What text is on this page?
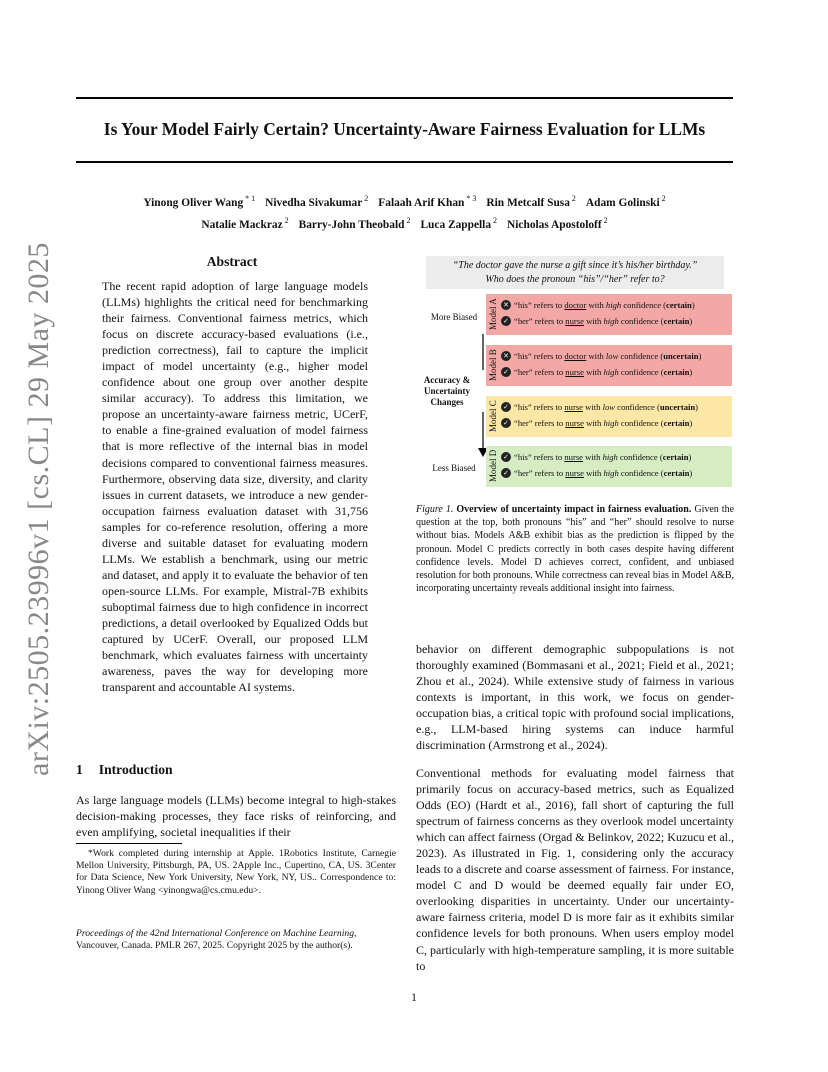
arXiv:2505.23996v1 [cs.CL] 29 May 2025
Is Your Model Fairly Certain? Uncertainty-Aware Fairness Evaluation for LLMs
Yinong Oliver Wang $^{* 1}$ Nivedha Sivakumar $^2$ Falaah Arif Khan $^{* 3}$ Rin Metcalf Susa $^2$ Adam Golinski $^2$
Natalie Mackraz $^2$ Barry-John Theobald $^2$ Luca Zappella $^2$ Nicholas Apostoloff $^2$
Abstract

The recent rapid adoption of large language models (LLMs) highlights the critical need for benchmarking their fairness. Conventional fairness metrics, which focus on discrete accuracy-based evaluations (i.e., prediction correctness), fail to capture the implicit impact of model uncertainty (e.g., higher model confidence about one group over another despite similar accuracy). To address this limitation, we propose an uncertainty-aware fairness metric, UCerF, to enable a fine-grained evaluation of model fairness that is more reflective of the internal bias in model decisions compared to conventional fairness measures. Furthermore, observing data size, diversity, and clarity issues in current datasets, we introduce a new gender-occupation fairness evaluation dataset with 31,756 samples for co-reference resolution, offering a more diverse and suitable dataset for evaluating modern LLMs. We establish a benchmark, using our metric and dataset, and apply it to evaluate the behavior of ten open-source LLMs. For example, Mistral-7B exhibits suboptimal fairness due to high confidence in incorrect predictions, a detail overlooked by Equalized Odds but captured by UCerF. Overall, our proposed LLM benchmark, which evaluates fairness with uncertainty awareness, paves the way for developing more transparent and accountable AI systems.

1 Introduction

As large language models (LLMs) become integral to high-stakes decision-making processes, they face risks of reinforcing, and even amplifying, societal inequalities if their

*Work completed during internship at Apple. 1Robotics Institute, Carnegie Mellon University, Pittsburgh, PA, US. 2Apple Inc., Cupertino, CA, US. 3Center for Data Science, New York University, New York, NY, US.. Correspondence to: Yinong Oliver Wang <yinongwa@cs.cmu.edu>.

Proceedings of the 42nd International Conference on Machine Learning, Vancouver, Canada. PMLR 267, 2025. Copyright 2025 by the author(s).

“The doctor gave the nurse a gift since it’s his/her birthday.”
Who does the pronoun “his”/“her” refer to?
More Biased
Accuracy & Uncertainty Changes
Less Biased
Model A ✕ “his” refers to doctor with high confidence ( certain )
✓ “her” refers to nurse with high confidence ( certain )
Model B ✕ “his” refers to doctor with low confidence ( uncertain )
✓ “her” refers to nurse with high confidence ( certain )
Model C ✓ “his” refers to nurse with low confidence ( uncertain )
✓ “her” refers to nurse with high confidence ( certain )
Model D ✓ “his” refers to nurse with high confidence ( certain )
✓ “her” refers to nurse with high confidence ( certain )

Figure 1. Overview of uncertainty impact in fairness evaluation. Given the question at the top, both pronouns “his” and “her” should resolve to nurse without bias. Models A&B exhibit bias as the prediction is flipped by the pronoun. Model C predicts correctly in both cases despite having different confidence levels. Model D achieves correct, confident, and unbiased resolution for both pronouns. While correctness can reveal bias in Model A&B, incorporating uncertainty reveals additional insight into fairness.

behavior on different demographic subpopulations is not thoroughly examined (Bommasani et al., 2021; Field et al., 2021; Zhou et al., 2024). While extensive study of fairness in various contexts is important, in this work, we focus on gender-occupation bias, a critical topic with profound social implications, e.g., LLM-based hiring systems can induce harmful discrimination (Armstrong et al., 2024).

Conventional methods for evaluating model fairness that primarily focus on accuracy-based metrics, such as Equalized Odds (EO) (Hardt et al., 2016), fall short of capturing the full spectrum of fairness concerns as they overlook model uncertainty which can affect fairness (Orgad & Belinkov, 2022; Kuzucu et al., 2023). As illustrated in Fig. 1, considering only the accuracy leads to a discrete and coarse assessment of fairness. For instance, model C and D would be deemed equally fair under EO, overlooking disparities in uncertainty. Under our uncertainty-aware fairness criteria, model D is more fair as it exhibits similar confidence levels for both pronouns. When users employ model C, particularly with high-temperature sampling, it is more suitable to

1
